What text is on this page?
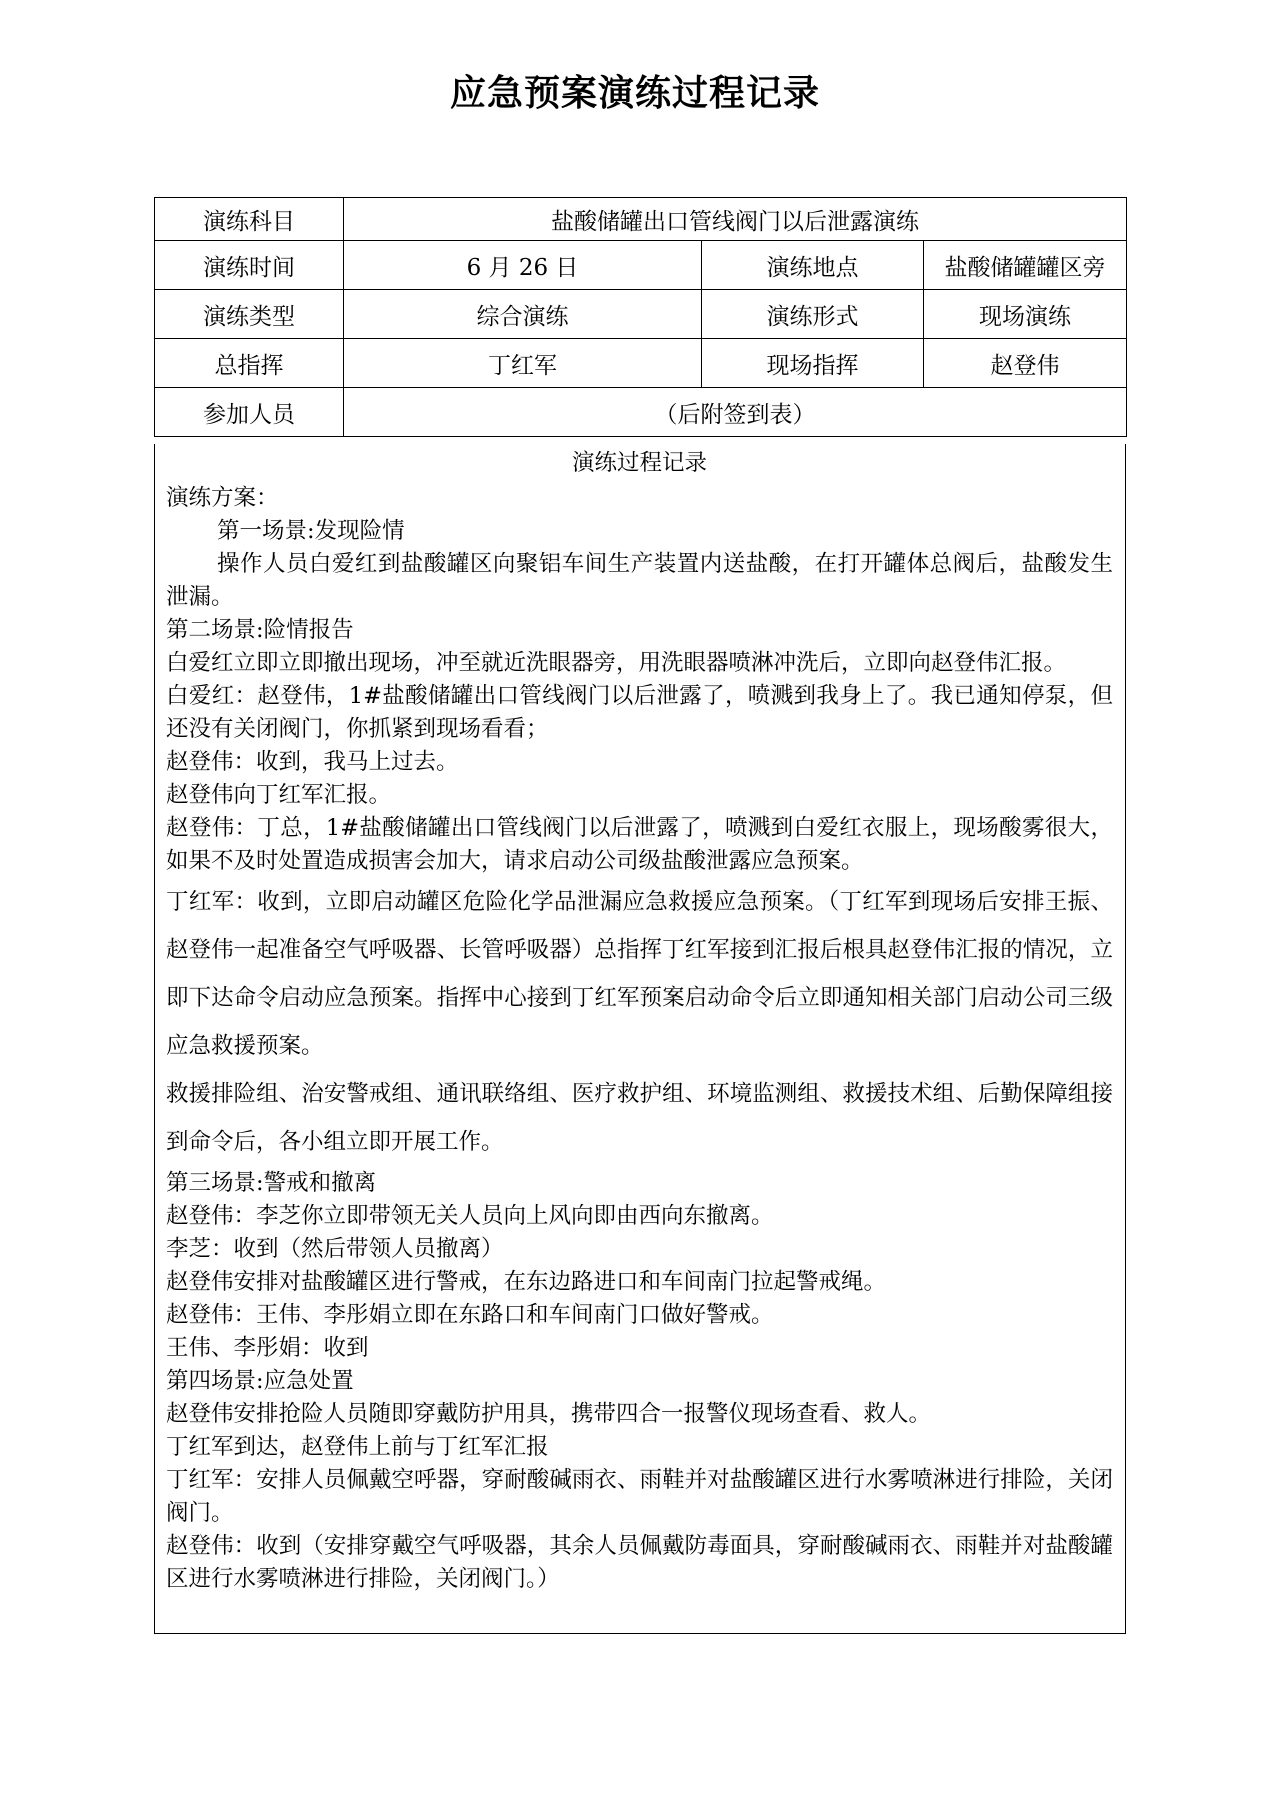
应急预案演练过程记录
演练科目	盐酸储罐出口管线阀门以后泄露演练		
演练时间	6 月 26 日	演练地点	盐酸储罐罐区旁
演练类型	综合演练	演练形式	现场演练
总指挥	丁红军	现场指挥	赵登伟
参加人员	（后附签到表）		
演练过程记录

演练方案：

第一场景:发现险情

操作人员白爱红到盐酸罐区向聚铝车间生产装置内送盐酸，在打开罐体总阀后，盐酸发生泄漏。

第二场景:险情报告

白爱红立即立即撤出现场，冲至就近洗眼器旁，用洗眼器喷淋冲洗后，立即向赵登伟汇报。

白爱红：赵登伟，1#盐酸储罐出口管线阀门以后泄露了，喷溅到我身上了。我已通知停泵，但还没有关闭阀门，你抓紧到现场看看；

赵登伟：收到，我马上过去。

赵登伟向丁红军汇报。

赵登伟：丁总，1#盐酸储罐出口管线阀门以后泄露了，喷溅到白爱红衣服上，现场酸雾很大，如果不及时处置造成损害会加大，请求启动公司级盐酸泄露应急预案。

丁红军：收到，立即启动罐区危险化学品泄漏应急救援应急预案。（丁红军到现场后安排王振、赵登伟一起准备空气呼吸器、长管呼吸器）总指挥丁红军接到汇报后根具赵登伟汇报的情况，立即下达命令启动应急预案。指挥中心接到丁红军预案启动命令后立即通知相关部门启动公司三级应急救援预案。

救援排险组、治安警戒组、通讯联络组、医疗救护组、环境监测组、救援技术组、后勤保障组接到命令后，各小组立即开展工作。

第三场景:警戒和撤离

赵登伟：李芝你立即带领无关人员向上风向即由西向东撤离。

李芝：收到（然后带领人员撤离）

赵登伟安排对盐酸罐区进行警戒，在东边路进口和车间南门拉起警戒绳。

赵登伟：王伟、李彤娟立即在东路口和车间南门口做好警戒。

王伟、李彤娟：收到

第四场景:应急处置

赵登伟安排抢险人员随即穿戴防护用具，携带四合一报警仪现场查看、救人。

丁红军到达，赵登伟上前与丁红军汇报

丁红军：安排人员佩戴空呼器，穿耐酸碱雨衣、雨鞋并对盐酸罐区进行水雾喷淋进行排险，关闭阀门。

赵登伟：收到（安排穿戴空气呼吸器，其余人员佩戴防毒面具，穿耐酸碱雨衣、雨鞋并对盐酸罐区进行水雾喷淋进行排险，关闭阀门。）
